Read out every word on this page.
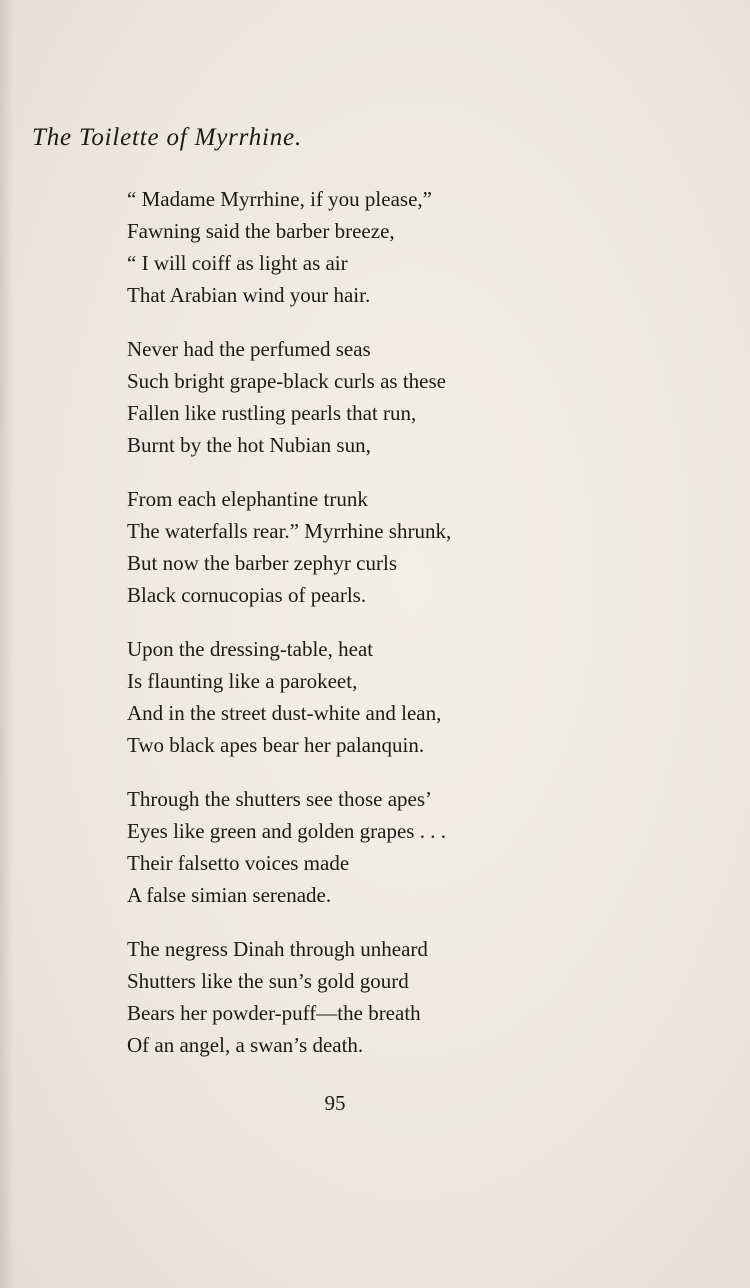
The Toilette of Myrrhine.
“ Madame Myrrhine, if you please,”
Fawning said the barber breeze,
“ I will coiff as light as air
That Arabian wind your hair.
Never had the perfumed seas
Such bright grape-black curls as these
Fallen like rustling pearls that run,
Burnt by the hot Nubian sun,
From each elephantine trunk
The waterfalls rear.” Myrrhine shrunk,
But now the barber zephyr curls
Black cornucopias of pearls.
Upon the dressing-table, heat
Is flaunting like a parokeet,
And in the street dust-white and lean,
Two black apes bear her palanquin.
Through the shutters see those apes’
Eyes like green and golden grapes . . .
Their falsetto voices made
A false simian serenade.
The negress Dinah through unheard
Shutters like the sun’s gold gourd
Bears her powder-puff—the breath
Of an angel, a swan’s death.
95
